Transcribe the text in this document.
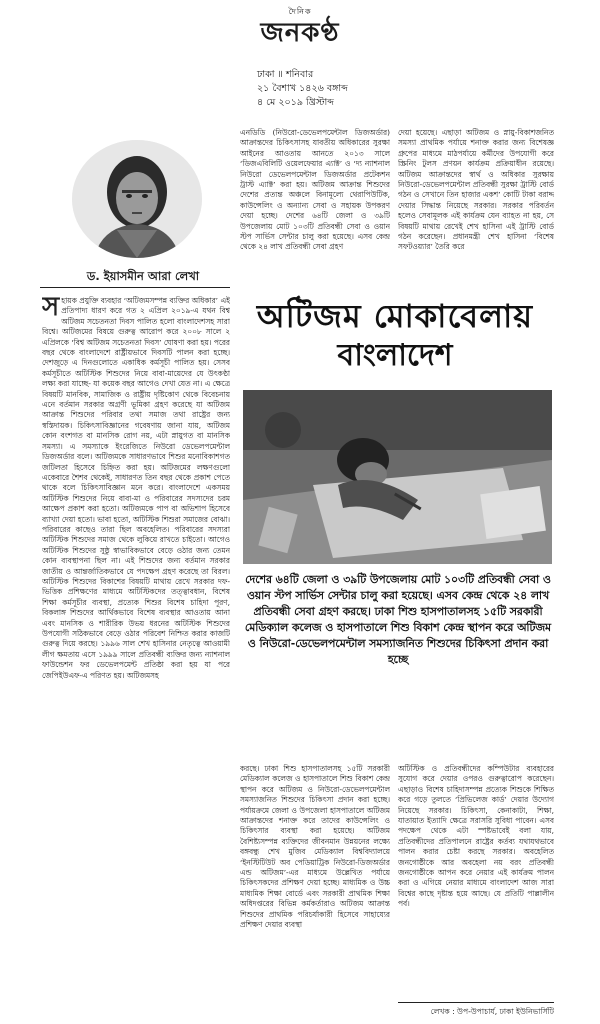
দৈনিক
জনকণ্ঠ
ঢাকা ॥ শনিবার
২১ বৈশাখ ১৪২৬ বঙ্গাব্দ
৪ মে ২০১৯ খ্রিস্টাব্দ
ড. ইয়াসমীন আরা লেখা

এনডিডি (নিউরো-ডেভেলপমেন্টাল ডিজঅর্ডার) আক্রান্তদের চিকিৎসাসহ যাবতীয় অধিকারের সুরক্ষা আইনের আওতায় আনতে ২০১৩ সালে ‘ডিজএবিলিটি ওয়েলফেয়ার এ্যাক্ট’ ও ‘দ্য ন্যাশনাল নিউরো ডেভেলপমেন্টাল ডিজঅর্ডার প্রটেকশন ট্রাস্ট এ্যাক্ট’ করা হয়। অটিজম আক্রান্ত শিশুদের দেশের প্রত্যন্ত অঞ্চলে বিনামূল্যে থেরাপিউটিক, কাউন্সেলিং ও অন্যান্য সেবা ও সহায়ক উপকরণ দেয়া হচ্ছে। দেশের ৬৪টি জেলা ও ৩৯টি উপজেলায় মোট ১০৩টি প্রতিবন্ধী সেবা ও ওয়ান স্টপ সার্ভিস সেন্টার চালু করা হয়েছে। এসব কেন্দ্র থেকে ২৪ লাখ প্রতিবন্ধী সেবা গ্রহণ

দেয়া হয়েছে। এছাড়া অটিজম ও স্নায়ু-বিকাশজনিত সমস্যা প্রাথমিক পর্যায়ে শনাক্ত করার জন্য বিশেষজ্ঞ গ্রুপের মাধ্যমে মাঠপর্যায়ে কর্মীদের উপযোগী করে স্ক্রিনিং টুলস প্রণয়ন কার্যক্রম প্রক্রিয়াধীন রয়েছে। অটিজম আক্রান্তদের স্বার্থ ও অধিকার সুরক্ষায় নিউরো-ডেভেলপমেন্টাল প্রতিবন্ধী সুরক্ষা ট্রাস্টি বোর্ড গঠন ও সেখানে তিন হাজার একশ’ কোটি টাকা বরাদ্দ দেয়ার সিদ্ধান্ত নিয়েছে সরকার। সরকার পরিবর্তন হলেও সেবামূলক এই কার্যক্রম যেন ব্যাহত না হয়, সে বিষয়টি মাথায় রেখেই শেখ হাসিনা এই ট্রাস্টি বোর্ড গঠন করেছেন। প্রধানমন্ত্রী শেখ হাসিনা ‘বিশেষ সফটওয়্যার’ তৈরি করে

অটিজম মোকাবেলায়
বাংলাদেশ
দেশের ৬৪টি জেলা ও ৩৯টি উপজেলায় মোট ১০৩টি প্রতিবন্ধী সেবা ও ওয়ান স্টপ সার্ভিস সেন্টার চালু করা হয়েছে। এসব কেন্দ্র থেকে ২৪ লাখ প্রতিবন্ধী সেবা গ্রহণ করছে। ঢাকা শিশু হাসপাতালসহ ১৫টি সরকারী মেডিক্যাল কলেজ ও হাসপাতালে শিশু বিকাশ কেন্দ্র স্থাপন করে অটিজম ও নিউরো-ডেভেলপমেন্টাল সমস্যাজনিত শিশুদের চিকিৎসা প্রদান করা হচ্ছে

সহায়ক প্রযুক্তি ব্যবহার ‘অটিজমসম্পন্ন ব্যক্তির অধিকার’ এই প্রতিপাদ্য ধারণ করে গত ২ এপ্রিল ২০১৯-এ যথন বিশ্ব অটিজম সচেতনতা দিবস পালিত হলো বাংলাদেশসহ সারা বিশ্বে। অটিজমের বিষয়ে গুরুত্ব আরোপ করে ২০০৮ সালে ২ এপ্রিলকে ‘বিশ্ব অটিজম সচেতনতা দিবস’ ঘোষণা করা হয়। পরের বছর থেকে বাংলাদেশে রাষ্ট্রীয়ভাবে দিবসটি পালন করা হচ্ছে। দেশজুড়ে এ দিনগুলোতে একাধিক কর্মসূচী পালিত হয়। সেসব কর্মসূচীতে অটিস্টিক শিশুদের নিয়ে বাবা-মায়েদের যে উৎকণ্ঠা লক্ষ্য করা যাচ্ছে- যা কয়েক বছর আগেও দেখা যেত না। এ ক্ষেত্রে বিষয়টি মানবিক, সামাজিক ও রাষ্ট্রীয় দৃষ্টিকোণ থেকে বিবেচনায় এনে বর্তমান সরকার অগ্রণী ভূমিকা গ্রহণ করেছে যা অটিজম আক্রান্ত শিশুদের পরিবার তথা সমাজ তথা রাষ্ট্রের জন্য স্বস্তিদায়ক। চিকিৎসাবিজ্ঞানের গবেষণায় জানা যায়, অটিজম কোন বংশগত বা মানসিক রোগ নয়, এটা স্নায়ুগত বা মানসিক সমস্যা। এ সমস্যাকে ইংরেজিতে নিউরো ডেভেলপমেন্টাল ডিজঅর্ডার বলে। অটিজমকে সাধারণভাবে শিশুর মনোবিকাশগত জটিলতা হিসেবে চিহ্নিত করা হয়। অটিজমের লক্ষণগুলো একেবারে শৈশব থেকেই, সাধারণত তিন বছর থেকে প্রকাশ পেতে থাকে বলে চিকিৎসাবিজ্ঞান মনে করে। বাংলাদেশে একসময় অটিস্টিক শিশুদের নিয়ে বাবা-মা ও পরিবারের সদস্যদের চরম আক্ষেপ প্রকাশ করা হতো। অটিজমকে পাপ বা অভিশাপ হিসেবে ব্যাখ্যা দেয়া হতো। ভাবা হতো, অটিস্টিক শিশুরা সমাজের বোঝা। পরিবারের কাছেও তারা ছিল অবহেলিত। পরিবারের সদস্যরা অটিস্টিক শিশুদের সমাজ থেকে লুকিয়ে রাখতে চাইতো। আগেও অটিস্টিক শিশুদের সুষ্ঠু স্বাভাবিকভাবে বেড়ে ওঠার জন্য তেমন কোন ব্যবস্থাপনা ছিল না। এই শিশুদের জন্য বর্তমান সরকার জাতীয় ও আন্তর্জাতিকভাবে যে পদক্ষেপ গ্রহণ করেছে তা বিরল। অটিস্টিক শিশুদের বিকাশের বিষয়টি মাথায় রেখে সরকার দফ-ভিত্তিক প্রশিক্ষণের মাধ্যমে অটিস্টিকদের তত্ত্বাবধান, বিশেষ শিক্ষা কর্মসূচীর ব্যবস্থা, প্রত্যেক শিশুর বিশেষ চাহিদা পূরণ, বিকলাঙ্গ শিশুদের আর্থিকভাবে বিশেষ ব্যবস্থার আওতায় আনা এবং মানসিক ও শারীরিক উভয় ধরনের অটিস্টিক শিশুদের উপযোগী সঠিকভাবে বেড়ে ওঠার পরিবেশ নিশ্চিত করার কাজটি গুরুত্ব দিয়ে করছে। ১৯৯৬ সাল শেখ হাসিনার নেতৃত্বে আওয়ামী লীগ ক্ষমতায় এসে ১৯৯৯ সালে প্রতিবন্ধী ব্যক্তির জন্য ন্যাশনাল ফাউন্ডেশন ফর ডেভেলপমেন্ট প্রতিষ্ঠা করা হয় যা পরে জেপিইউএফ-এ পরিণত হয়। অটিজমসহ

করছে। ঢাকা শিশু হাসপাতালসহ ১৫টি সরকারী মেডিক্যাল কলেজ ও হাসপাতালে শিশু বিকাশ কেন্দ্র স্থাপন করে অটিজম ও নিউরো-ডেভেলপমেন্টাল সমস্যাজনিত শিশুদের চিকিৎসা প্রদান করা হচ্ছে। পর্যায়ক্রমে জেলা ও উপজেলা হাসপাতালে অটিজম আক্রান্তদের শনাক্ত করে তাদের কাউন্সেলিং ও চিকিৎসার ব্যবস্থা করা হয়েছে। অটিজম বৈশিষ্ট্যসম্পন্ন ব্যক্তিদের জীবনমান উন্নয়নের লক্ষ্যে বঙ্গবন্ধু শেখ মুজিব মেডিক্যাল বিশ্ববিদ্যালয়ে ‘ইনস্টিটিউট অব পেডিয়াট্রিক নিউরো-ডিজঅর্ডার এন্ড অটিজম’-এর মাধ্যমে উল্লেখিত পর্যায়ে চিকিৎসকদের প্রশিক্ষণ দেয়া হচ্ছে। মাধ্যমিক ও উচ্চ মাধ্যমিক শিক্ষা বোর্ডে এবং সরকারী প্রাথমিক শিক্ষা অধিদপ্তরের বিভিন্ন কর্মকর্তারাও অটিজম আক্রান্ত শিশুদের প্রাথমিক পরিচর্যাকারী হিসেবে সাহায্যের প্রশিক্ষণ দেয়ার ব্যবস্থা

অটিস্টিক ও প্রতিবন্ধীদের কম্পিউটার ব্যবহারের সুযোগ করে দেয়ার ওপরও গুরুত্বারোপ করেছেন। এছাড়াও বিশেষ চাহিদাসম্পন্ন প্রত্যেক শিশুকে শিক্ষিত করে গড়ে তুলতে ‘প্রিভিলেজ কার্ড’ দেয়ার উদ্যোগ নিয়েছে সরকার। চিকিৎসা, কেনাকাটা, শিক্ষা, যাতায়াত ইত্যাদি ক্ষেত্রে সরাসরি সুবিধা পাবেন। এসব পদক্ষেপ থেকে এটা স্পষ্টভাবেই বলা যায়, প্রতিবন্ধীদের প্রতিপালনে রাষ্ট্রের কর্তব্য যথাযথভাবে পালন করার চেষ্টা করছে সরকার। অবহেলিত জনগোষ্ঠীকে আর অবহেলা নয় বরং প্রতিবন্ধী জনগোষ্ঠীকে আপন করে নেয়ার এই কার্যক্রম পালন করা ও এগিয়ে নেয়ার মাধ্যমে বাংলাদেশ আজ সারা বিশ্বের কাছে দৃষ্টান্ত হয়ে আছে। যে প্রতিটি পাল্লালীন পর্ব।

লেখক : উপ-উপাচার্য, ঢাকা ইউনিভার্সিটি
